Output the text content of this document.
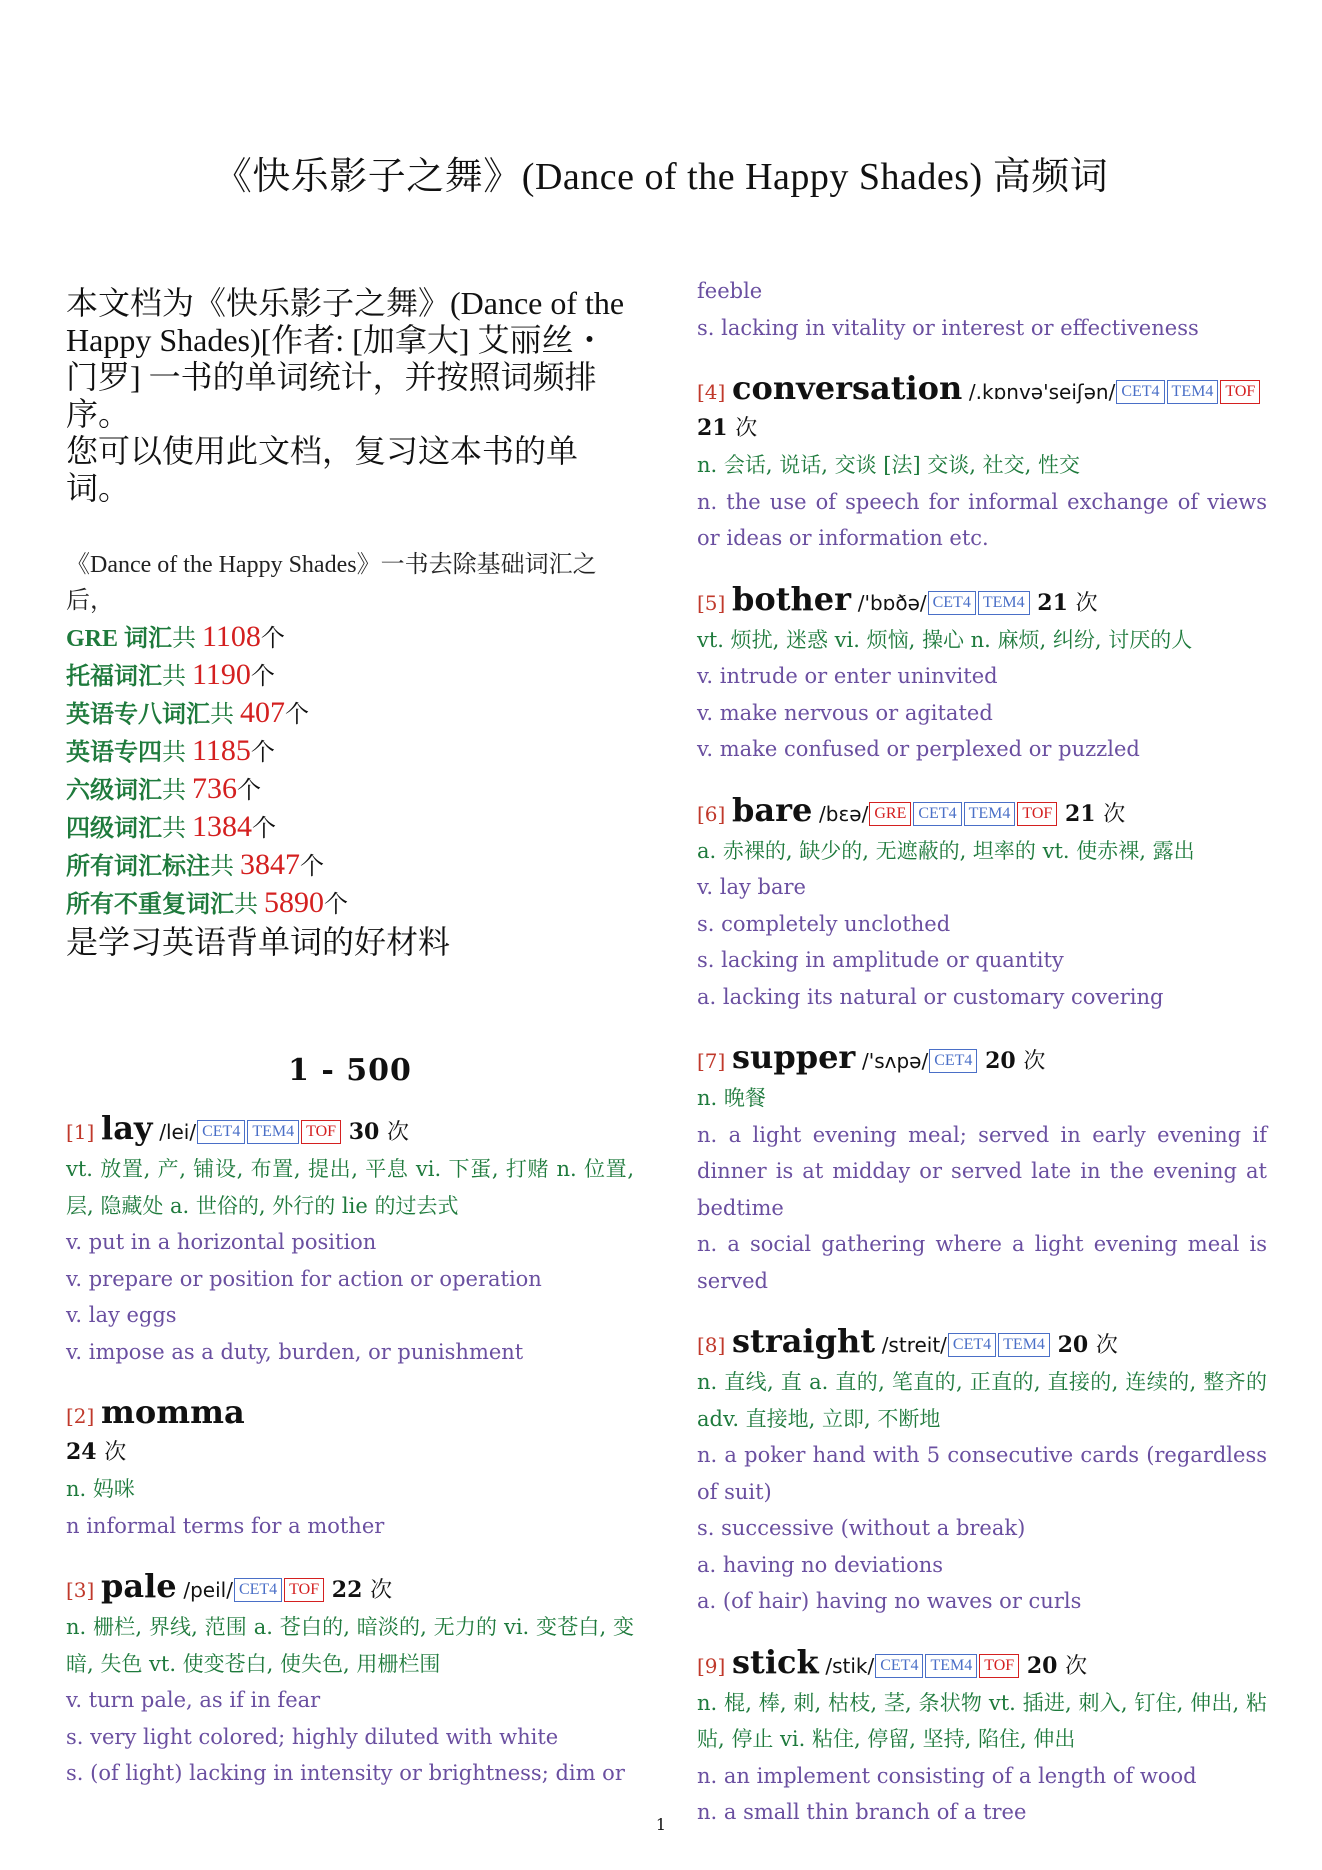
《快乐影子之舞》(Dance of the Happy Shades) 高频词

本文档为《快乐影子之舞》(Dance of the Happy Shades)[作者: [加拿大] 艾丽丝・门罗] 一书的单词统计，并按照词频排序。

您可以使用此文档，复习这本书的单词。

《Dance of the Happy Shades》一书去除基础词汇之后，
GRE 词汇共 1108个
托福词汇共 1190个
英语专八词汇共 407个
英语专四共 1185个
六级词汇共 736个
四级词汇共 1384个
所有词汇标注共 3847个
所有不重复词汇共 5890个
是学习英语背单词的好材料
1 - 500
[1] lay /lei/ CET4 TEM4 TOF 30 次
vt. 放置, 产, 铺设, 布置, 提出, 平息 vi. 下蛋, 打赌 n. 位置, 层, 隐藏处 a. 世俗的, 外行的 lie 的过去式
v. put in a horizontal position
v. prepare or position for action or operation
v. lay eggs
v. impose as a duty, burden, or punishment
[2] momma
24 次
n. 妈咪
n informal terms for a mother
[3] pale /peil/ CET4 TOF 22 次
n. 栅栏, 界线, 范围 a. 苍白的, 暗淡的, 无力的 vi. 变苍白, 变暗, 失色 vt. 使变苍白, 使失色, 用栅栏围
v. turn pale, as if in fear
s. very light colored; highly diluted with white
s. (of light) lacking in intensity or brightness; dim or
feeble
s. lacking in vitality or interest or effectiveness
[4] conversation /.kɒnvə'seiʃən/ CET4 TEM4 TOF 21 次
n. 会话, 说话, 交谈 [法] 交谈, 社交, 性交
n. the use of speech for informal exchange of views or ideas or information etc.
[5] bother /'bɒðə/ CET4 TEM4 21 次
vt. 烦扰, 迷惑 vi. 烦恼, 操心 n. 麻烦, 纠纷, 讨厌的人
v. intrude or enter uninvited
v. make nervous or agitated
v. make confused or perplexed or puzzled
[6] bare /bɛə/ GRE CET4 TEM4 TOF 21 次
a. 赤裸的, 缺少的, 无遮蔽的, 坦率的 vt. 使赤裸, 露出
v. lay bare
s. completely unclothed
s. lacking in amplitude or quantity
a. lacking its natural or customary covering
[7] supper /'sʌpə/ CET4 20 次
n. 晚餐
n. a light evening meal; served in early evening if dinner is at midday or served late in the evening at bedtime
n. a social gathering where a light evening meal is served
[8] straight /streit/ CET4 TEM4 20 次
n. 直线, 直 a. 直的, 笔直的, 正直的, 直接的, 连续的, 整齐的 adv. 直接地, 立即, 不断地
n. a poker hand with 5 consecutive cards (regardless of suit)
s. successive (without a break)
a. having no deviations
a. (of hair) having no waves or curls
[9] stick /stik/ CET4 TEM4 TOF 20 次
n. 棍, 棒, 刺, 枯枝, 茎, 条状物 vt. 插进, 刺入, 钉住, 伸出, 粘贴, 停止 vi. 粘住, 停留, 坚持, 陷住, 伸出
n. an implement consisting of a length of wood
n. a small thin branch of a tree
1
